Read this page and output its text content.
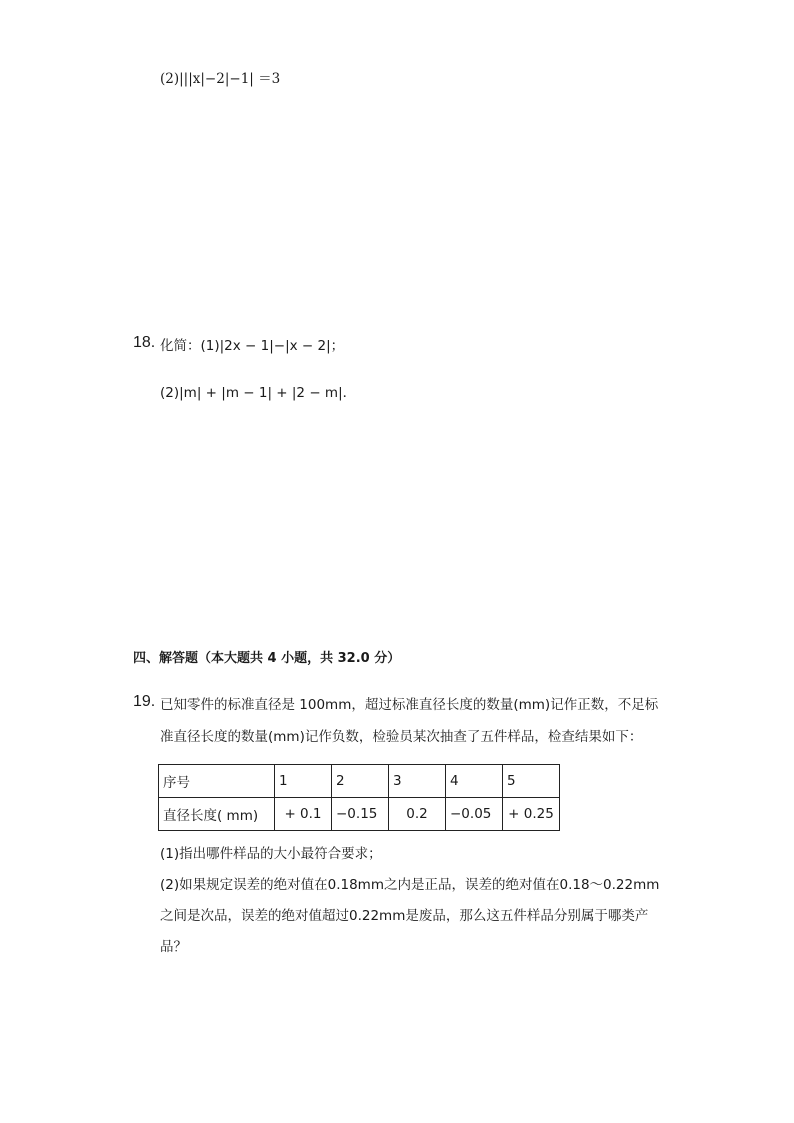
(2)|||x|−2|−1| ＝3
18. 化简：(1)|2x − 1|−|x − 2|；
(2)|m| + |m − 1| + |2 − m|．
四、解答题（本大题共 4 小题，共 32.0 分）
19. 已知零件的标准直径是 100mm，超过标准直径长度的数量(mm)记作正数，不足标
准直径长度的数量(mm)记作负数，检验员某次抽查了五件样品，检查结果如下：
序号	1	2	3	4	5
直径长度( mm)	+ 0.1	−0.15	0.2	−0.05	+ 0.25
(1)指出哪件样品的大小最符合要求；
(2)如果规定误差的绝对值在0.18mm之内是正品，误差的绝对值在0.18～0.22mm
之间是次品，误差的绝对值超过0.22mm是废品，那么这五件样品分别属于哪类产
品？
